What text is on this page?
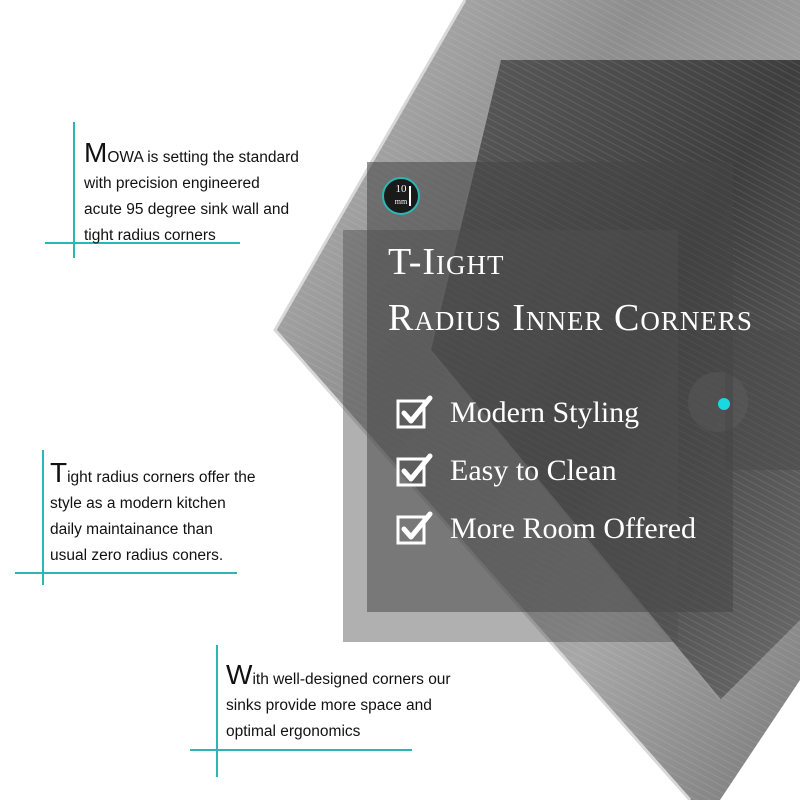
10
mm
T-Iight
Radius Inner Corners
Modern Styling
Easy to Clean
More Room Offered

MOWA is setting the standard

with precision engineered

acute 95 degree sink wall and

tight radius corners

Tight radius corners offer the

style as a modern kitchen

daily maintainance than

usual zero radius coners.

With well-designed corners our

sinks provide more space and

optimal ergonomics
